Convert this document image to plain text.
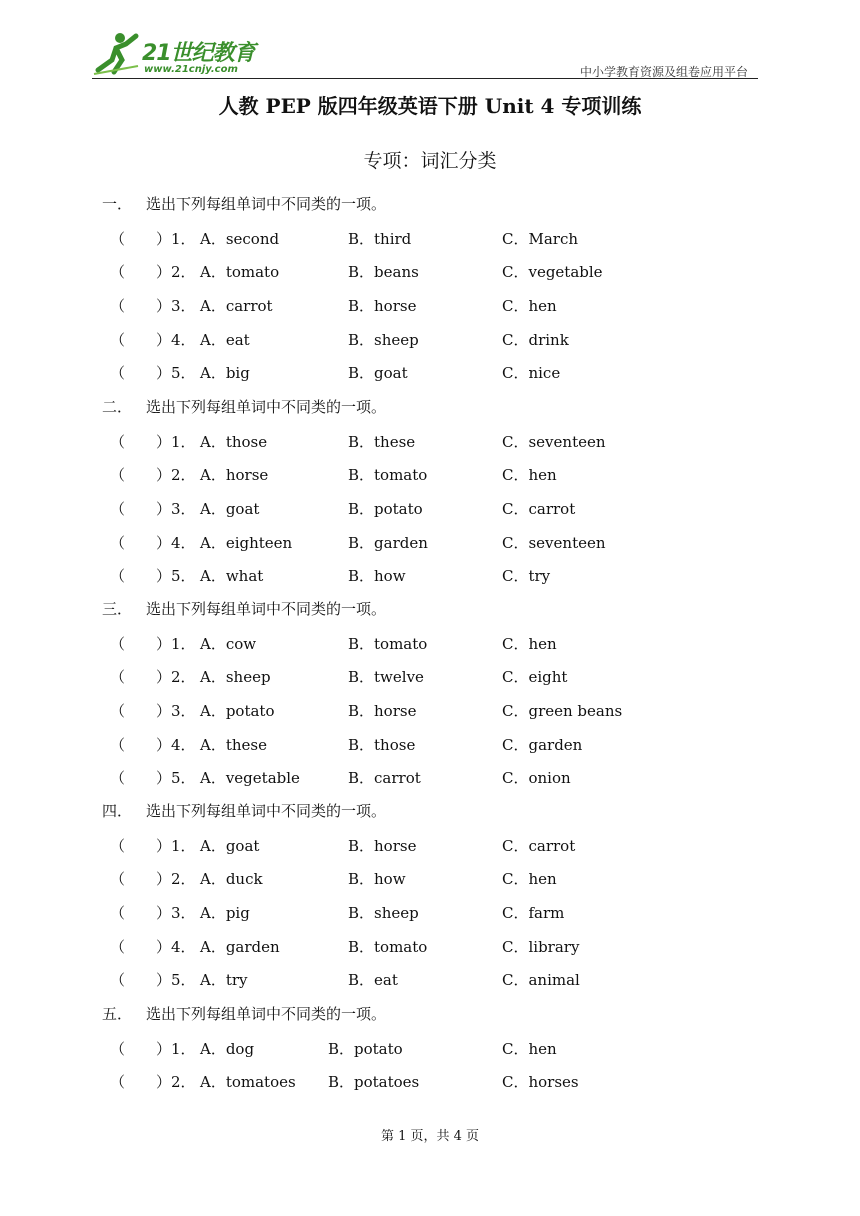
21世纪教育
www.21cnjy.com	中小学教育资源及组卷应用平台
人教 PEP 版四年级英语下册 Unit 4 专项训练
专项：词汇分类
一． 选出下列每组单词中不同类的一项。
（ ）1． A．second	B．third	C．March
（ ）2． A．tomato	B．beans	C．vegetable
（ ）3． A．carrot	B．horse	C．hen
（ ）4． A．eat	B．sheep	C．drink
（ ）5． A．big	B．goat	C．nice
二． 选出下列每组单词中不同类的一项。
（ ）1． A．those	B．these	C．seventeen
（ ）2． A．horse	B．tomato	C．hen
（ ）3． A．goat	B．potato	C．carrot
（ ）4． A．eighteen	B．garden	C．seventeen
（ ）5． A．what	B．how	C．try
三． 选出下列每组单词中不同类的一项。
（ ）1． A．cow	B．tomato	C．hen
（ ）2． A．sheep	B．twelve	C．eight
（ ）3． A．potato	B．horse	C．green beans
（ ）4． A．these	B．those	C．garden
（ ）5． A．vegetable	B．carrot	C．onion
四． 选出下列每组单词中不同类的一项。
（ ）1． A．goat	B．horse	C．carrot
（ ）2． A．duck	B．how	C．hen
（ ）3． A．pig	B．sheep	C．farm
（ ）4． A．garden	B．tomato	C．library
（ ）5． A．try	B．eat	C．animal
五． 选出下列每组单词中不同类的一项。
（ ）1． A．dog	B．potato	C．hen
（ ）2． A．tomatoes B．potatoes	C．horses
第 1 页，共 4 页
